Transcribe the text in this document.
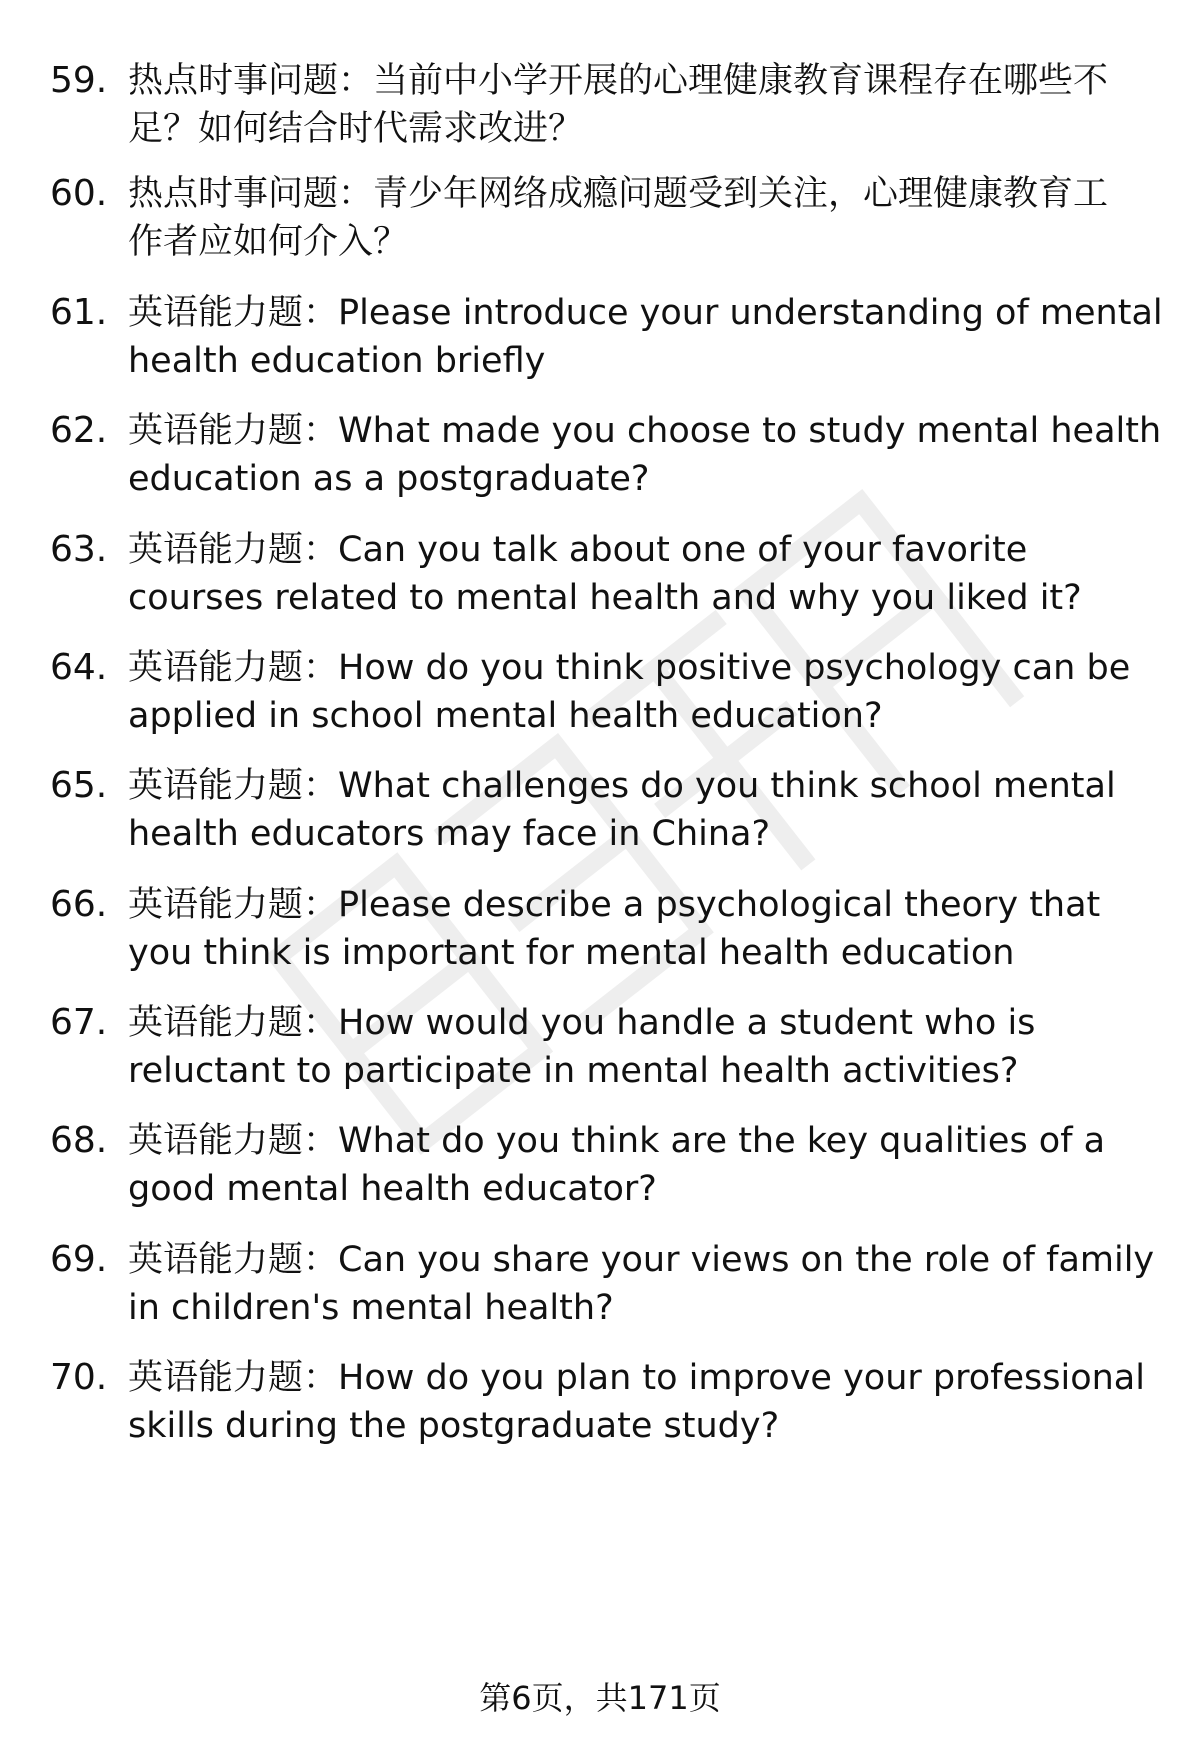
59. 热点时事问题：当前中小学开展的心理健康教育课程存在哪些不
足？如何结合时代需求改进？
60. 热点时事问题：青少年网络成瘾问题受到关注，心理健康教育工
作者应如何介入？
61. 英语能力题：Please introduce your understanding of mental
health education briefly
62. 英语能力题：What made you choose to study mental health
education as a postgraduate?
63. 英语能力题：Can you talk about one of your favorite
courses related to mental health and why you liked it?
64. 英语能力题：How do you think positive psychology can be
applied in school mental health education?
65. 英语能力题：What challenges do you think school mental
health educators may face in China?
66. 英语能力题：Please describe a psychological theory that
you think is important for mental health education
67. 英语能力题：How would you handle a student who is
reluctant to participate in mental health activities?
68. 英语能力题：What do you think are the key qualities of a
good mental health educator?
69. 英语能力题：Can you share your views on the role of family
in children's mental health?
70. 英语能力题：How do you plan to improve your professional
skills during the postgraduate study?
第6页，共171页
